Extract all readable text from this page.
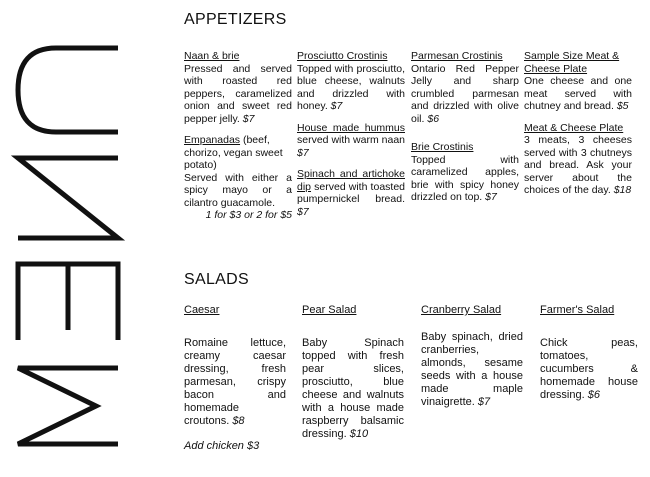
APPETIZERS
Naan & brie
Pressed and served with roasted red peppers, caramelized onion and sweet red pepper jelly. $7
Empanadas (beef, chorizo, vegan sweet potato)
Served with either a spicy mayo or a cilantro guacamole.
1 for $3 or 2 for $5
Prosciutto Crostinis
Topped with prosciutto, blue cheese, walnuts and drizzled with honey. $7
House made hummus served with warm naan $7
Spinach and artichoke dip served with toasted pumpernickel bread. $7
Parmesan Crostinis
Ontario Red Pepper Jelly and sharp crumbled parmesan and drizzled with olive oil. $6
Brie Crostinis
Topped with caramelized apples, brie with spicy honey drizzled on top. $7
Sample Size Meat & Cheese Plate
One cheese and one meat served with chutney and bread. $5
Meat & Cheese Plate
3 meats, 3 cheeses served with 3 chutneys and bread. Ask your server about the choices of the day. $18
SALADS
Caesar
Romaine lettuce, creamy caesar dressing, fresh parmesan, crispy bacon and homemade croutons. $8
Add chicken $3
Pear Salad
Baby Spinach topped with fresh pear slices, prosciutto, blue cheese and walnuts with a house made raspberry balsamic dressing. $10
Cranberry Salad
Baby spinach, dried cranberries, almonds, sesame seeds with a house made maple vinaigrette. $7
Farmer's Salad
Chick peas, tomatoes, cucumbers & homemade house dressing. $6
